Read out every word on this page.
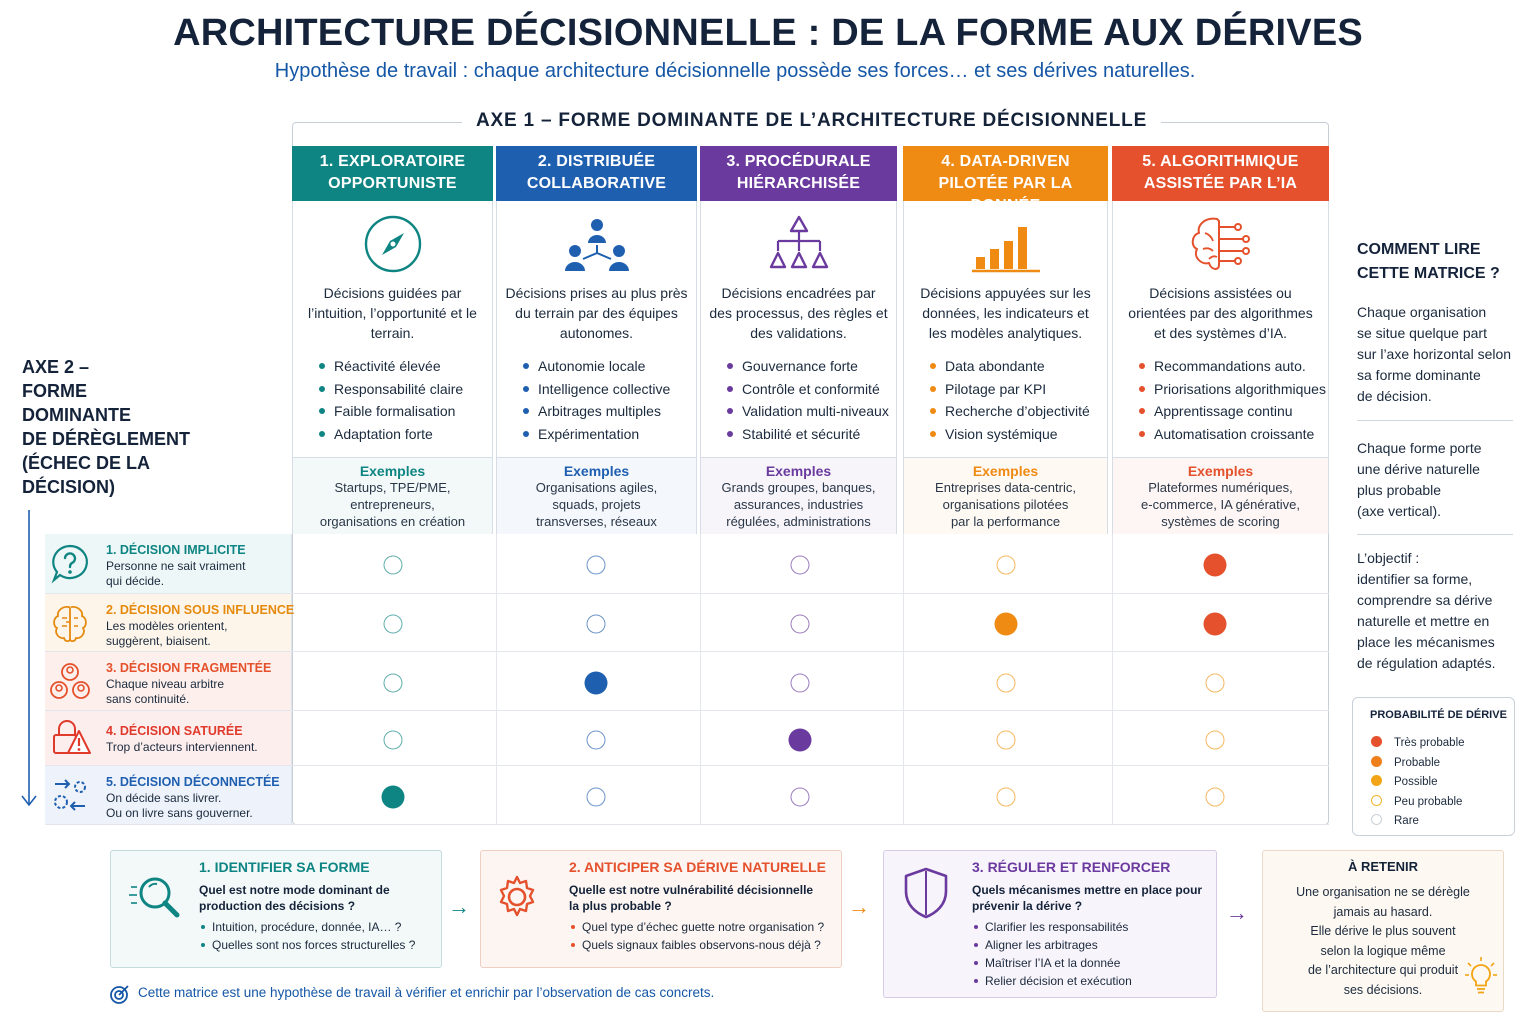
ARCHITECTURE DÉCISIONNELLE : DE LA FORME AUX DÉRIVES
Hypothèse de travail : chaque architecture décisionnelle possède ses forces… et ses dérives naturelles.
AXE 1 – FORME DOMINANTE DE L’ARCHITECTURE DÉCISIONNELLE
1. EXPLORATOIRE
OPPORTUNISTE
Décisions guidées par l’intuition, l’opportunité et le terrain.
Réactivité élevée
Responsabilité claire
Faible formalisation
Adaptation forte
Exemples
Startups, TPE/PME,
entrepreneurs,
organisations en création
2. DISTRIBUÉE
COLLABORATIVE
Décisions prises au plus près du terrain par des équipes autonomes.
Autonomie locale
Intelligence collective
Arbitrages multiples
Expérimentation
Exemples
Organisations agiles,
squads, projets
transverses, réseaux
3. PROCÉDURALE
HIÉRARCHISÉE
Décisions encadrées par des processus, des règles et des validations.
Gouvernance forte
Contrôle et conformité
Validation multi-niveaux
Stabilité et sécurité
Exemples
Grands groupes, banques,
assurances, industries
régulées, administrations
4. DATA-DRIVEN
PILOTÉE PAR LA
Décisions appuyées sur les données, les indicateurs et les modèles analytiques.
Data abondante
Pilotage par KPI
Recherche d’objectivité
Vision systémique
Exemples
Entreprises data-centric,
organisations pilotées
par la performance
5. ALGORITHMIQUE
ASSISTÉE PAR L’IA
Décisions assistées ou orientées par des algorithmes et des systèmes d’IA.
Recommandations auto.
Priorisations algorithmiques
Apprentissage continu
Automatisation croissante
Exemples
Plateformes numériques,
e-commerce, IA générative,
systèmes de scoring
AXE 2 –
FORME
DOMINANTE
DE DÉRÈGLEMENT
(ÉCHEC DE LA
DÉCISION)
1. DÉCISION IMPLICITE
Personne ne sait vraiment
qui décide.
2. DÉCISION SOUS INFLUENCE
Les modèles orientent,
suggèrent, biaisent.
3. DÉCISION FRAGMENTÉE
Chaque niveau arbitre
sans continuité.
4. DÉCISION SATURÉE
Trop d’acteurs interviennent.
5. DÉCISION DÉCONNECTÉE
On décide sans livrer.
Ou on livre sans gouverner.
COMMENT LIRE
CETTE MATRICE ?
Chaque organisation
se situe quelque part
sur l’axe horizontal selon
sa forme dominante
de décision.
Chaque forme porte
une dérive naturelle
plus probable
(axe vertical).
L’objectif :
identifier sa forme,
comprendre sa dérive
naturelle et mettre en
place les mécanismes
de régulation adaptés.
PROBABILITÉ DE DÉRIVE
Très probable
Probable
Possible
Peu probable
Rare
1. IDENTIFIER SA FORME
Quel est notre mode dominant de
production des décisions ?
Intuition, procédure, donnée, IA… ?
Quelles sont nos forces structurelles ?
2. ANTICIPER SA DÉRIVE NATURELLE
Quelle est notre vulnérabilité décisionnelle
la plus probable ?
Quel type d’échec guette notre organisation ?
Quels signaux faibles observons-nous déjà ?
3. RÉGULER ET RENFORCER
Quels mécanismes mettre en place pour
prévenir la dérive ?
Clarifier les responsabilités
Aligner les arbitrages
Maîtriser l’IA et la donnée
Relier décision et exécution
À RETENIR
Une organisation ne se dérègle
jamais au hasard.
Elle dérive le plus souvent
selon la logique même
de l’architecture qui produit
ses décisions.
→	→	→
Cette matrice est une hypothèse de travail à vérifier et enrichir par l’observation de cas concrets.
